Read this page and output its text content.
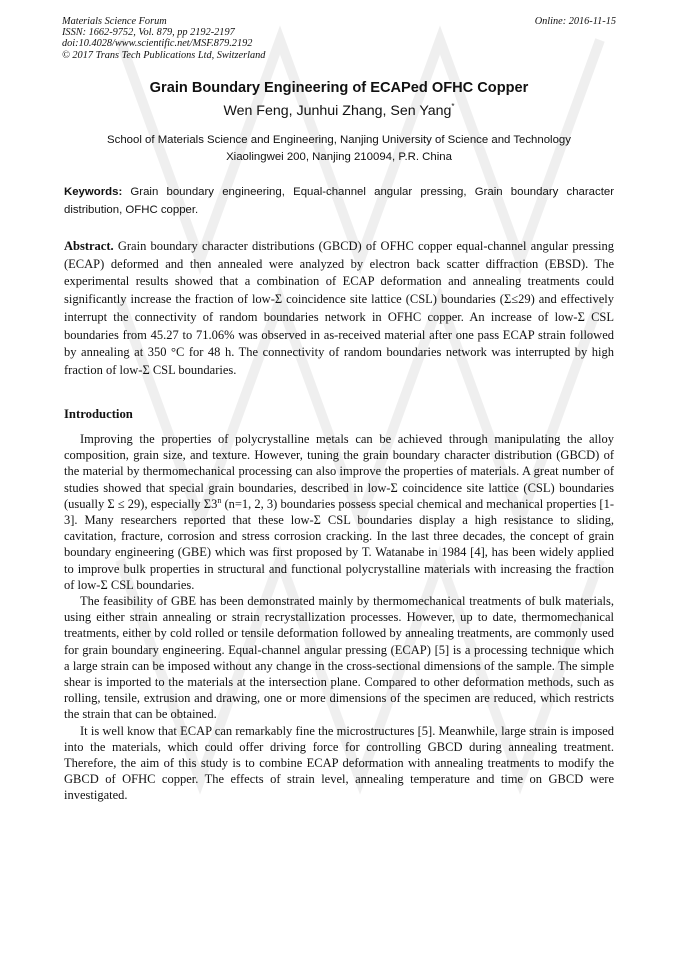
Materials Science Forum
ISSN: 1662-9752, Vol. 879, pp 2192-2197
doi:10.4028/www.scientific.net/MSF.879.2192
© 2017 Trans Tech Publications Ltd, Switzerland
Online: 2016-11-15
Grain Boundary Engineering of ECAPed OFHC Copper
Wen Feng, Junhui Zhang, Sen Yang*
School of Materials Science and Engineering, Nanjing University of Science and Technology
Xiaolingwei 200, Nanjing 210094, P.R. China
Keywords: Grain boundary engineering, Equal-channel angular pressing, Grain boundary character distribution, OFHC copper.
Abstract. Grain boundary character distributions (GBCD) of OFHC copper equal-channel angular pressing (ECAP) deformed and then annealed were analyzed by electron back scatter diffraction (EBSD). The experimental results showed that a combination of ECAP deformation and annealing treatments could significantly increase the fraction of low-Σ coincidence site lattice (CSL) boundaries (Σ≤29) and effectively interrupt the connectivity of random boundaries network in OFHC copper. An increase of low-Σ CSL boundaries from 45.27 to 71.06% was observed in as-received material after one pass ECAP strain followed by annealing at 350 °C for 48 h. The connectivity of random boundaries network was interrupted by high fraction of low-Σ CSL boundaries.
Introduction

Improving the properties of polycrystalline metals can be achieved through manipulating the alloy composition, grain size, and texture. However, tuning the grain boundary character distribution (GBCD) of the material by thermomechanical processing can also improve the properties of materials. A great number of studies showed that special grain boundaries, described in low-Σ coincidence site lattice (CSL) boundaries (usually Σ ≤ 29), especially Σ3$^n$ (n=1, 2, 3) boundaries possess special chemical and mechanical properties [1-3]. Many researchers reported that these low-Σ CSL boundaries display a high resistance to sliding, cavitation, fracture, corrosion and stress corrosion cracking. In the last three decades, the concept of grain boundary engineering (GBE) which was first proposed by T. Watanabe in 1984 [4], has been widely applied to improve bulk properties in structural and functional polycrystalline materials with increasing the fraction of low-Σ CSL boundaries.

The feasibility of GBE has been demonstrated mainly by thermomechanical treatments of bulk materials, using either strain annealing or strain recrystallization processes. However, up to date, thermomechanical treatments, either by cold rolled or tensile deformation followed by annealing treatments, are commonly used for grain boundary engineering. Equal-channel angular pressing (ECAP) [5] is a processing technique which a large strain can be imposed without any change in the cross-sectional dimensions of the sample. The simple shear is imported to the materials at the intersection plane. Compared to other deformation methods, such as rolling, tensile, extrusion and drawing, one or more dimensions of the specimen are reduced, which restricts the strain that can be obtained.

It is well know that ECAP can remarkably fine the microstructures [5]. Meanwhile, large strain is imposed into the materials, which could offer driving force for controlling GBCD during annealing treatment. Therefore, the aim of this study is to combine ECAP deformation with annealing treatments to modify the GBCD of OFHC copper. The effects of strain level, annealing temperature and time on GBCD were investigated.
